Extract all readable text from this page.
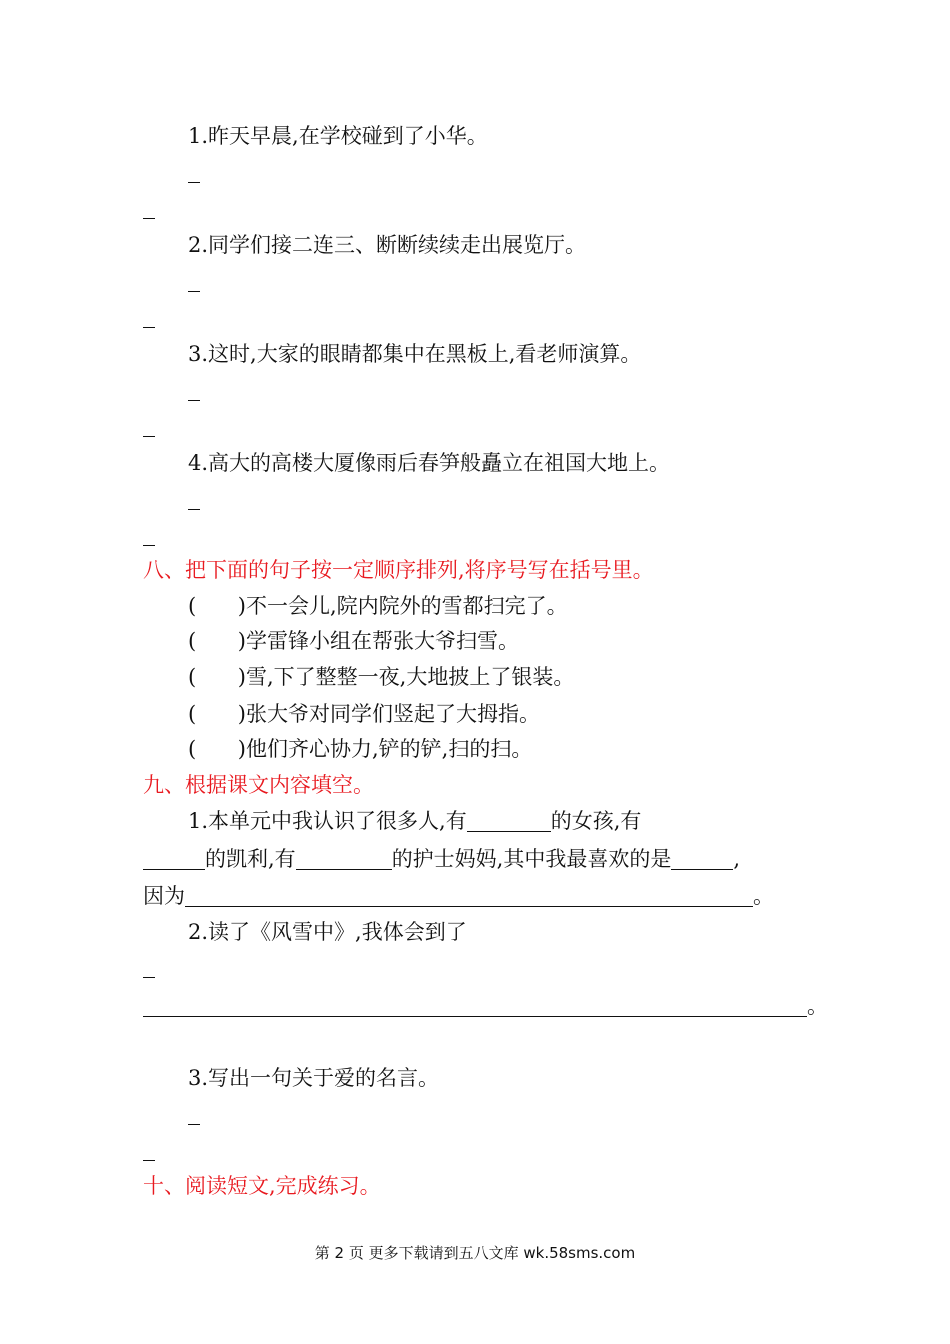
1.昨天早晨,在学校碰到了小华。
2.同学们接二连三、断断续续走出展览厅。
3.这时,大家的眼睛都集中在黑板上,看老师演算。
4.高大的高楼大厦像雨后春笋般矗立在祖国大地上。
八、把下面的句子按一定顺序排列,将序号写在括号里。
( ) 不一会儿,院内院外的雪都扫完了。
( ) 学雷锋小组在帮张大爷扫雪。
( ) 雪,下了整整一夜,大地披上了银装。
( ) 张大爷对同学们竖起了大拇指。
( ) 他们齐心协力,铲的铲,扫的扫。
九、根据课文内容填空。
1.本单元中我认识了很多人,有	的女孩,有
的凯利,有	的护士妈妈,其中我最喜欢的是	,
因为	。
2.读了《风雪中》,我体会到了
。
3.写出一句关于爱的名言。
十、阅读短文,完成练习。
第 2 页 更多下载请到五八文库 wk.58sms.com
